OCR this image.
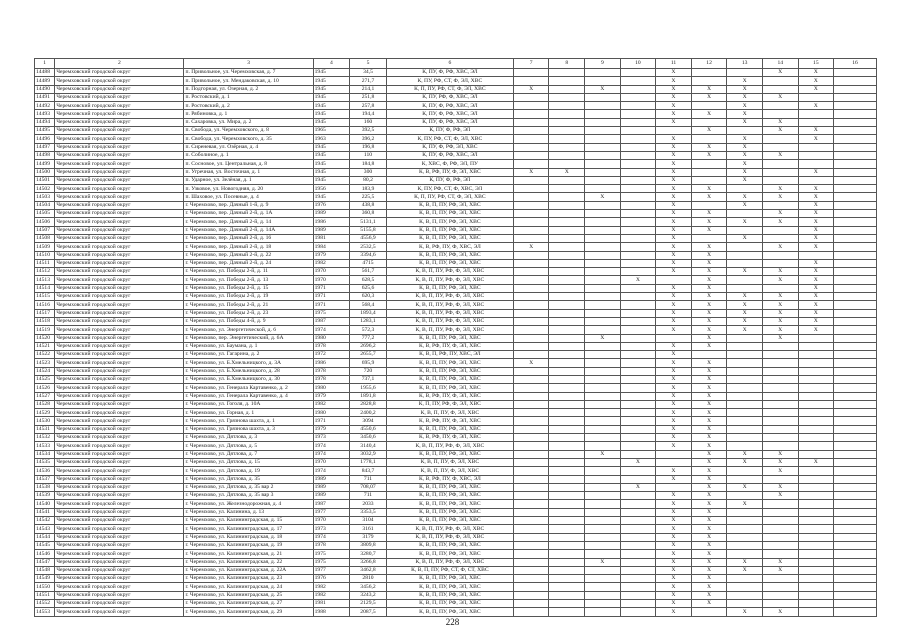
1	2	3	4	5	6	7	8	9	10	11	12	13	14	15	16
14488	Черемховский городской округ	п. Привольное, ул. Черемховская, д. 7	1945	34,5	К, ПУ, Ф, РФ, ХВС, ЭЛ					X			X	X	
14489	Черемховский городской округ	п. Привольное, ул. Мендаковская, д. 10	1945	271,7	К, ПУ, РФ, СТ, Ф, ЭЛ, ХВС					X		X		X	
14490	Черемховский городской округ	п. Подгорная, ул. Озерная, д. 2	1945	214,1	К, П, ПУ, РФ, СТ, Ф, ЭЛ, ХВС	X		X		X	X	X		X	
14491	Черемховский городской округ	п. Ростовский, д. 1	1945	251,8	К, ПУ, РФ, Ф, ХВС, ЭЛ					X	X	X	X		
14492	Черемховский городской округ	п. Ростовский, д. 2	1945	257,8	К, ПУ, Ф, РФ, ХВС, ЭЛ					X		X		X	
14493	Черемховский городской округ	п. Рябиновка, д. 1	1945	194,4	К, ПУ, Ф, РФ, ХВС, ЭЛ					X	X	X			
14494	Черемховский городской округ	п. Сахаровка, ул. Мира, д. 2	1945	160	К, ПУ, Ф, РФ, ХВС, ЭЛ					X		X	X		
14495	Черемховский городской округ	п. Свобода, ул. Черемховского, д. 8	1965	392,5	К, ПУ, Ф, РФ, ЭЛ						X		X	X	
14496	Черемховский городской округ	п. Свобода, ул. Черемховского, д. 35	1963	396,2	К, ПУ, РФ, СТ, Ф, ЭЛ, ХВС					X		X		X	
14497	Черемховский городской округ	п. Сиреневая, ул. Озёрная, д. 4	1945	196,8	К, ПУ, Ф, РФ, ЭЛ, ХВС					X	X	X			
14498	Черемховский городской округ	п. Соболиное, д. 1	1945	110	К, ПУ, Ф, РФ, ХВС, ЭЛ					X	X	X	X		
14499	Черемховский городской округ	п. Сосновое, ул. Центральная, д. 8	1945	184,8	К, ХВС, Ф, РФ, ЭЛ, ПУ					X		X			
14500	Черемховский городской округ	п. Угречная, ул. Восточная, д. 1	1945	300	К, В, РФ, ПУ, Ф, ЭЛ, ХВС	X	X			X		X		X	
14501	Черемховский городской округ	п. Ударное, ул. Зелёная, д. 1	1945	80,2	К, ПУ, Ф, РФ, ЭЛ					X		X			
14502	Черемховский городской округ	п. Узковое, ул. Новогодняя, д. 20	1956	183,9	К, ПУ, РФ, СТ, Ф, ХВС, ЭЛ					X	X		X	X	
14503	Черемховский городской округ	п. Шаховое, ул. Посевные, д. 4	1945	225,5	К, П, ПУ, РФ, СТ, Ф, ЭЛ, ХВС			X		X	X	X	X	X	
14504	Черемховский городской округ	г. Черемхово, пер. Дачный 1-й, д. 9	1976	438,8	К, В, П, ПУ, РФ, ЭЛ, ХВС					X		X		X	
14505	Черемховский городской округ	г. Черемхово, пер. Дачный 2-й, д. 1А	1989	360,8	К, В, П, ПУ, РФ, ЭЛ, ХВС					X	X		X	X	
14506	Черемховский городской округ	г. Черемхово, пер. Дачный 2-й, д. 14	1986	5131,1	К, В, П, ПУ, РФ, ЭЛ, ХВС					X	X	X	X	X	
14507	Черемховский городской округ	г. Черемхово, пер. Дачный 2-й, д. 14А	1989	5155,8	К, В, П, ПУ, РФ, ЭЛ, ХВС					X	X			X	
14508	Черемховский городской округ	г. Черемхово, пер. Дачный 2-й, д. 16	1981	4556,9	К, В, П, ПУ, РФ, ЭЛ, ХВС					X		X		X	
14509	Черемховский городской округ	г. Черемхово, пер. Дачный 2-й, д. 18	1984	2532,5	К, В, РФ, ПУ, Ф, ХВС, ЭЛ	X				X	X		X	X	
14510	Черемховский городской округ	г. Черемхово, пер. Дачный 2-й, д. 22	1979	3394,6	К, В, П, ПУ, РФ, ЭЛ, ХВС					X	X				
14511	Черемховский городской округ	г. Черемхово, пер. Дачный 2-й, д. 24	1982	4715	К, В, П, ПУ, РФ, ЭЛ, ХВС					X	X			X	
14512	Черемховский городской округ	г. Черемхово, ул. Победы 2-й, д. 11	1970	561,7	К, В, П, ПУ, РФ, Ф, ЭЛ, ХВС					X	X	X	X	X	
14513	Черемховский городской округ	г. Черемхово, ул. Победы 2-й, д. 13	1970	628,5	К, В, П, ПУ, РФ, Ф, ЭЛ, ХВС				X		X		X	X	
14514	Черемховский городской округ	г. Черемхово, ул. Победы 2-й, д. 15	1971	625,6	К, В, П, ПУ, РФ, ЭЛ, ХВС					X	X			X	
14515	Черемховский городской округ	г. Черемхово, ул. Победы 2-й, д. 19	1971	620,3	К, В, П, ПУ, РФ, Ф, ЭЛ, ХВС					X	X	X	X	X	
14516	Черемховский городской округ	г. Черемхово, ул. Победы 2-й, д. 21	1971	568,4	К, В, П, ПУ, РФ, Ф, ЭЛ, ХВС					X	X	X	X	X	
14517	Черемховский городской округ	г. Черемхово, ул. Победы 2-й, д. 23	1975	1893,4	К, В, П, ПУ, РФ, Ф, ЭЛ, ХВС					X	X	X	X	X	
14518	Черемховский городской округ	г. Черемхово, ул. Победы 4-й, д. 9	1987	1283,1	К, В, П, ПУ, РФ, Ф, ЭЛ, ХВС					X	X	X	X	X	
14519	Черемховский городской округ	г. Черемхово, ул. Энергетической, д. 6	1974	572,3	К, В, П, ПУ, РФ, Ф, ЭЛ, ХВС					X	X	X	X	X	
14520	Черемховский городской округ	г. Черемхово, пер. Энергетический, д. 6А	1980	777,2	К, В, П, ПУ, РФ, ЭЛ, ХВС			X			X		X		
14521	Черемховский городской округ	г. Черемхово, ул. Баумана, д. 1	1978	2696,2	К, В, РФ, ПУ, Ф, ЭЛ, ХВС					X	X				
14522	Черемховский городской округ	г. Черемхово, ул. Гагарина, д. 2	1972	2655,7	К, В, П, РФ, ПУ, ХВС, ЭЛ					X					
14523	Черемховский городской округ	г. Черемхово, ул. Б.Хмельницкого, д. 3А	1986	695,9	К, В, П, ПУ, РФ, ЭЛ, ХВС	X				X	X				
14524	Черемховский городской округ	г. Черемхово, ул. Б.Хмельницкого, д. 28	1978	720	К, В, П, ПУ, РФ, ЭЛ, ХВС					X	X				
14525	Черемховский городской округ	г. Черемхово, ул. Б.Хмельницкого, д. 30	1978	737,1	К, В, П, ПУ, РФ, ЭЛ, ХВС					X	X				
14526	Черемховский городской округ	г. Черемхово, ул. Генерала Картавенко, д. 2	1980	1955,6	К, В, П, ПУ, РФ, ЭЛ, ХВС					X	X				
14527	Черемховский городской округ	г. Черемхово, ул. Генерала Картавенко, д. 4	1979	1891,8	К, В, РФ, ПУ, Ф, ЭЛ, ХВС					X	X				
14528	Черемховский городской округ	г. Черемхово, ул. Гоголя, д. 10А	1982	2828,8	К, П, ПУ, РФ, Ф, ЭЛ, ХВС					X	X				
14529	Черемховский городской округ	г. Черемхово, ул. Горная, д. 1	1980	2400,2	К, В, П, ПУ, Ф, ЭЛ, ХВС					X	X				
14530	Черемховский городской округ	г. Черемхово, ул. Грязнова шахта, д. 1	1971	3094	К, В, РФ, ПУ, Ф, ЭЛ, ХВС					X	X				
14531	Черемховский городской округ	г. Черемхово, ул. Грязнова шахта, д. 3	1979	4550,6	К, В, П, ПУ, РФ, ЭЛ, ХВС					X	X				
14532	Черемховский городской округ	г. Черемхово, ул. Дятлова, д. 3	1973	3450,6	К, В, РФ, ПУ, Ф, ЭЛ, ХВС					X	X				
14533	Черемховский городской округ	г. Черемхово, ул. Дятлова, д. 5	1974	3140,4	К, В, П, ПУ, РФ, Ф, ЭЛ, ХВС					X	X				
14534	Черемховский городской округ	г. Черемхово, ул. Дятлова, д. 7	1974	3032,9	К, В, П, ПУ, РФ, ЭЛ, ХВС			X			X	X	X		
14535	Черемховский городской округ	г. Черемхово, ул. Дятлова, д. 15	1970	1778,1	К, В, П, ПУ, Ф, ЭЛ, ХВС				X		X	X	X	X	
14536	Черемховский городской округ	г. Черемхово, ул. Дятлова, д. 19	1974	843,7	К, В, П, ПУ, Ф, ЭЛ, ХВС					X	X		X		
14537	Черемховский городской округ	г. Черемхово, ул. Дятлова, д. 35	1989	711	К, В, РФ, ПУ, Ф, ХВС, ЭЛ					X	X				
14538	Черемховский городской округ	г. Черемхово, ул. Дятлова, д. 35 вар 2	1989	708,07	К, В, П, ПУ, РФ, ЭЛ, ХВС				X		X	X	X		
14539	Черемховский городской округ	г. Черемхово, ул. Дятлова, д. 35 вар 3	1989	711	К, В, П, ПУ, РФ, ЭЛ, ХВС					X	X		X		
14540	Черемховский городской округ	г. Черемхово, ул. Железнодорожная, д. 4	1987	2033	К, В, П, ПУ, РФ, ЭЛ, ХВС					X	X	X			
14541	Черемховский городской округ	г. Черемхово, ул. Калинина, д. 13	1977	3353,5	К, В, П, ПУ, РФ, ЭЛ, ХВС					X	X				
14542	Черемховский городской округ	г. Черемхово, ул. Калининградская, д. 15	1970	3104	К, В, П, ПУ, РФ, ЭЛ, ХВС					X	X				
14543	Черемховский городской округ	г. Черемхово, ул. Калининградская, д. 17	1973	3161	К, В, П, ПУ, РФ, Ф, ЭЛ, ХВС					X	X				
14544	Черемховский городской округ	г. Черемхово, ул. Калининградская, д. 18	1974	3179	К, В, П, ПУ, РФ, Ф, ЭЛ, ХВС					X	X				
14545	Черемховский городской округ	г. Черемхово, ул. Калининградская, д. 19	1978	3809,8	К, В, П, ПУ, РФ, ЭЛ, ХВС					X	X				
14546	Черемховский городской округ	г. Черемхово, ул. Калининградская, д. 21	1975	3280,7	К, В, П, ПУ, РФ, ЭЛ, ХВС					X	X				
14547	Черемховский городской округ	г. Черемхово, ул. Калининградская, д. 22	1975	3266,8	К, В, П, ПУ, РФ, Ф, ЭЛ, ХВС			X		X	X	X	X		
14548	Черемховский городской округ	г. Черемхово, ул. Калининградская, д. 22А	1977	3462,8	К, В, П, ПУ, РФ, СТ, Ф, СТ, ХВС					X	X	X	X		
14549	Черемховский городской округ	г. Черемхово, ул. Калининградская, д. 23	1976	2810	К, В, П, ПУ, РФ, ЭЛ, ХВС					X	X				
14550	Черемховский городской округ	г. Черемхово, ул. Калининградская, д. 24	1982	3456,2	К, В, П, ПУ, РФ, ЭЛ, ХВС					X	X				
14551	Черемховский городской округ	г. Черемхово, ул. Калининградская, д. 25	1982	3243,2	К, В, П, ПУ, РФ, ЭЛ, ХВС					X	X				
14552	Черемховский городской округ	г. Черемхово, ул. Калининградская, д. 27	1981	2129,5	К, В, П, ПУ, РФ, ЭЛ, ХВС					X	X				
14553	Черемховский городской округ	г. Черемхово, ул. Калининградская, д. 29	1988	2087,5	К, В, П, ПУ, РФ, ЭЛ, ХВС					X		X	X		
228
